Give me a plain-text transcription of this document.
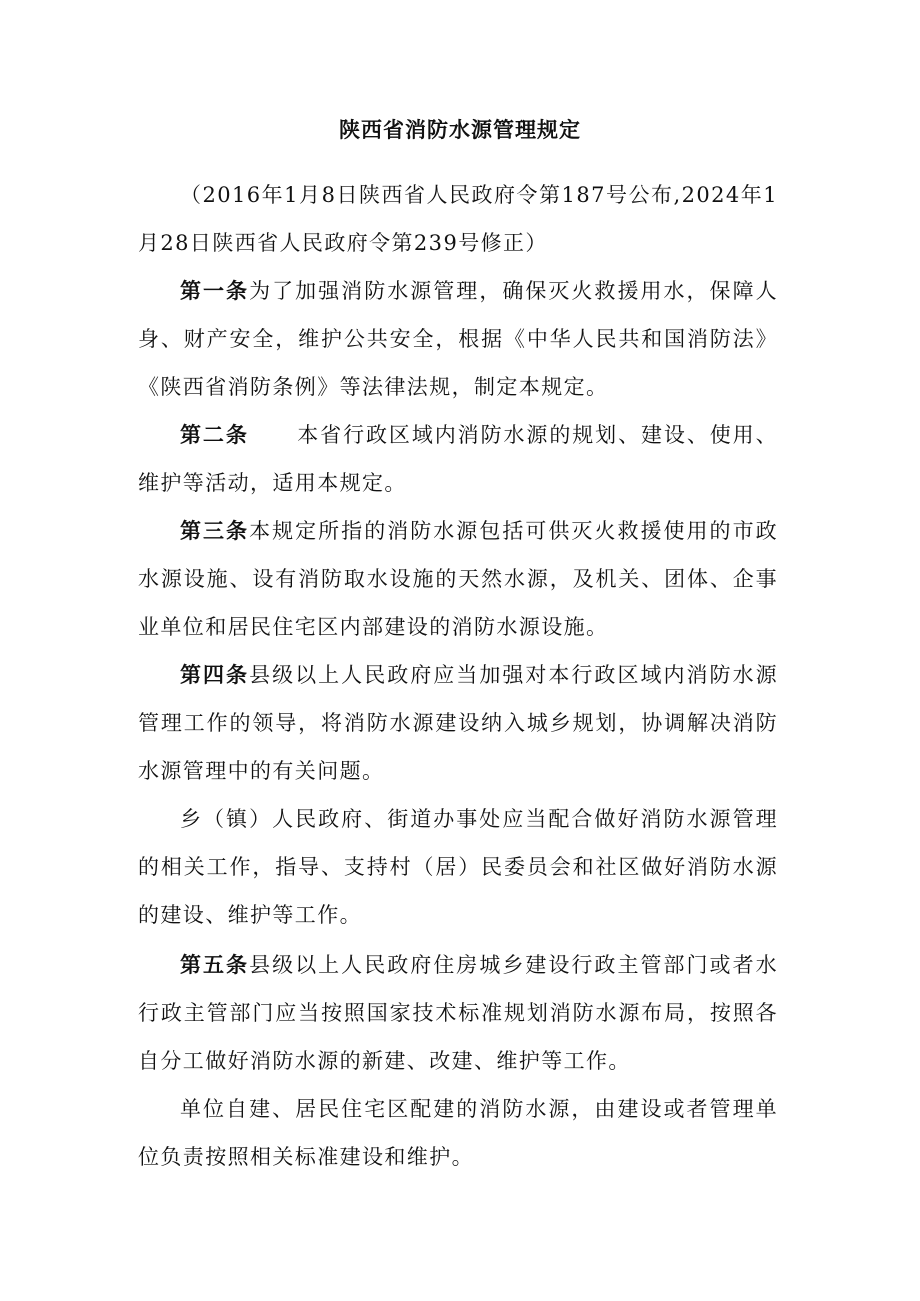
陕西省消防水源管理规定
（2016年1月8日陕西省人民政府令第187号公布,2024年1月28日陕西省人民政府令第239号修正）
第一条为了加强消防水源管理，确保灭火救援用水，保障人身、财产安全，维护公共安全，根据《中华人民共和国消防法》《陕西省消防条例》等法律法规，制定本规定。
第二条 本省行政区域内消防水源的规划、建设、使用、维护等活动，适用本规定。
第三条本规定所指的消防水源包括可供灭火救援使用的市政水源设施、设有消防取水设施的天然水源，及机关、团体、企事业单位和居民住宅区内部建设的消防水源设施。
第四条县级以上人民政府应当加强对本行政区域内消防水源管理工作的领导，将消防水源建设纳入城乡规划，协调解决消防水源管理中的有关问题。
乡（镇）人民政府、街道办事处应当配合做好消防水源管理的相关工作，指导、支持村（居）民委员会和社区做好消防水源的建设、维护等工作。
第五条县级以上人民政府住房城乡建设行政主管部门或者水行政主管部门应当按照国家技术标准规划消防水源布局，按照各自分工做好消防水源的新建、改建、维护等工作。
单位自建、居民住宅区配建的消防水源，由建设或者管理单位负责按照相关标准建设和维护。
